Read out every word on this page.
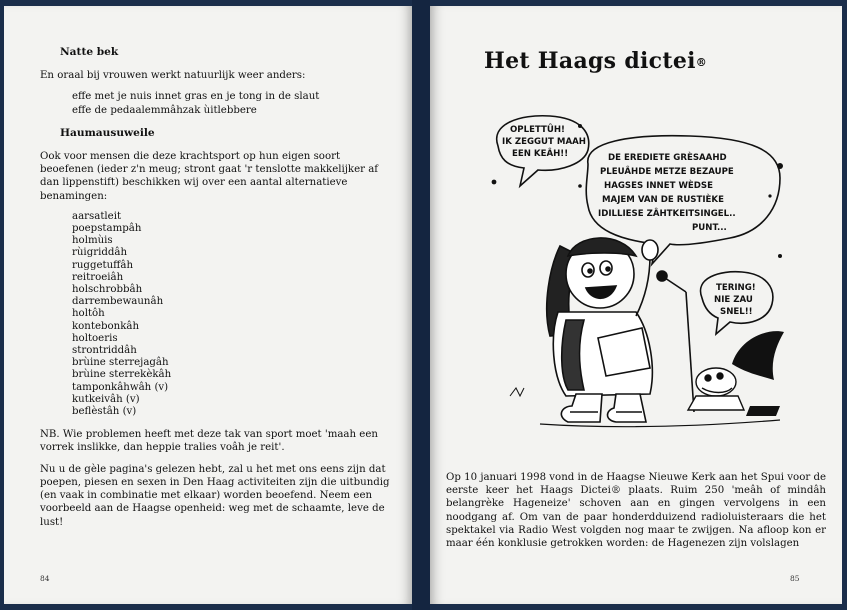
Natte bek

En oraal bij vrouwen werkt natuurlijk weer anders:

effe met je nuis innet gras en je tong in de slaut
effe de pedaalemmâhzak ùitlebbere

Haumausuweile

Ook voor mensen die deze krachtsport op hun eigen soort beoefenen (ieder z'n meug; stront gaat 'r tenslotte makkelijker af dan lippenstift) beschikken wij over een aantal alternatieve benamingen:

aarsatleit
poepstampâh
holmùis
rùigriddâh
ruggetuffâh
reitroeiâh
holschrobbâh
darrembewaunâh
holtôh
kontebonkâh
holtoeris
strontriddâh
brùine sterrejagâh
brùine sterrekèkâh
tamponkâhwâh (v)
kutkeivâh (v)
beflèstâh (v)

NB. Wie problemen heeft met deze tak van sport moet 'maah een vorrek inslikke, dan heppie tralies voâh je reit'.

Nu u de gèle pagina's gelezen hebt, zal u het met ons eens zijn dat poepen, piesen en sexen in Den Haag activiteiten zijn die uitbundig (en vaak in combinatie met elkaar) worden beoefend. Neem een voorbeeld aan de Haagse openheid: weg met de schaamte, leve de lust!

84
Het Haags dictei®
OPLETTÛH!
IK ZEGGUT MAAH
EEN KEÂH!!	DE EREDIETE GRÈSAAHD
PLEUÂHDE METZE BEZAUPE
HAGSES INNET WÈDSE
MAJEM VAN DE RUSTIÈKE
IDILLIESE ZÂHTKEITSINGEL..
PUNT...
TERING!
NIE ZAU
SNEL!!
Op 10 januari 1998 vond in de Haagse Nieuwe Kerk aan het Spui voor de eerste keer het Haags Dictei® plaats. Ruim 250 'meâh of mindâh belangrèke Hageneize' schoven aan en gingen vervolgens in een noodgang af. Om van de paar honderdduizend radioluisteraars die het spektakel via Radio West volgden nog maar te zwijgen. Na afloop kon er maar één konklusie getrokken worden: de Hagenezen zijn volslagen
85
